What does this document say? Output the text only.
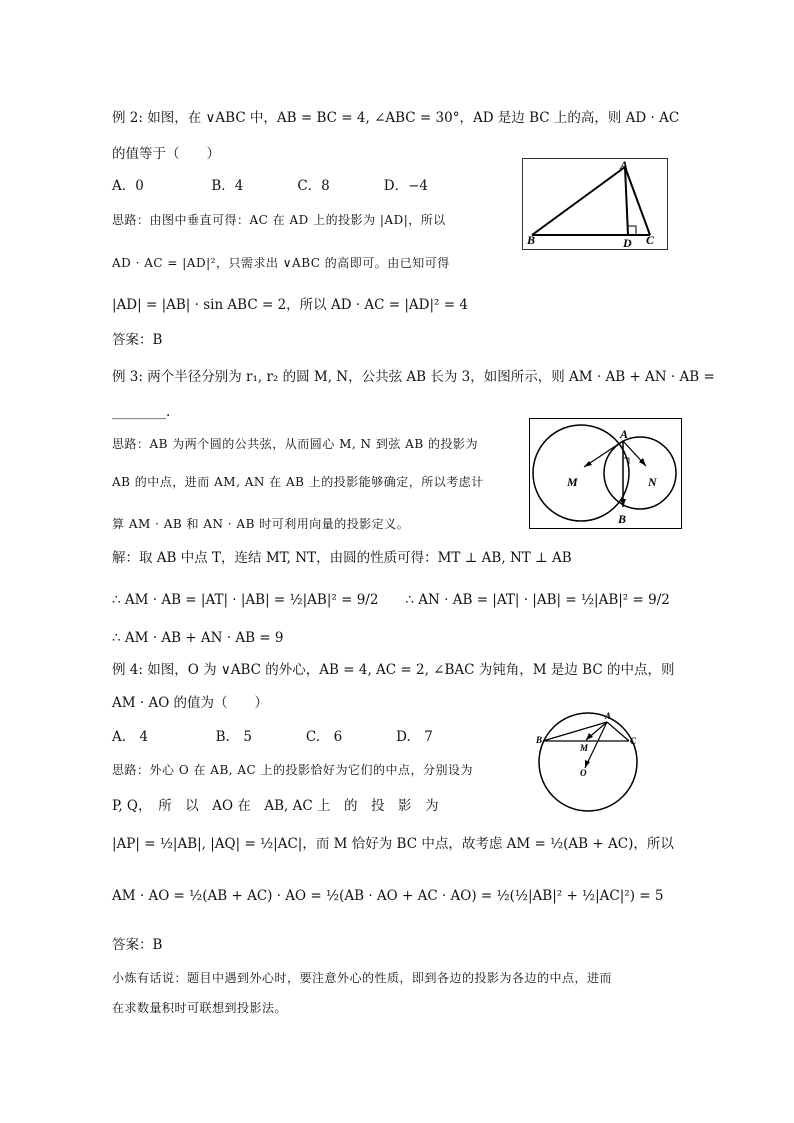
例 2: 如图，在 ∨ABC 中，AB = BC = 4, ∠ABC = 30°，AD 是边 BC 上的高，则 AD · AC
的值等于（　　）
A．0　　　　　B．4　　　　C．8　　　　D．−4
思路：由图中垂直可得：AC 在 AD 上的投影为 |AD|，所以
AD · AC = |AD|²，只需求出 ∨ABC 的高即可。由已知可得
|AD| = |AB| · sin ABC = 2，所以 AD · AC = |AD|² = 4
答案：B
A
B	D C
例 3: 两个半径分别为 r₁, r₂ 的圆 M, N，公共弦 AB 长为 3，如图所示，则 AM · AB + AN · AB =
________.
思路：AB 为两个圆的公共弦，从而圆心 M, N 到弦 AB 的投影为
AB 的中点，进而 AM, AN 在 AB 上的投影能够确定，所以考虑计
算 AM · AB 和 AN · AB 时可利用向量的投影定义。
解：取 AB 中点 T，连结 MT, NT，由圆的性质可得：MT ⊥ AB, NT ⊥ AB
∴ AM · AB = |AT| · |AB| = ½|AB|² = 9/2　　∴ AN · AB = |AT| · |AB| = ½|AB|² = 9/2
∴ AM · AB + AN · AB = 9
A
M	N
B
例 4: 如图，O 为 ∨ABC 的外心，AB = 4, AC = 2, ∠BAC 为钝角，M 是边 BC 的中点，则
AM · AO 的值为（　　）
A.　4　　　　　B.　5　　　　C.　6　　　　D.　7
思路：外心 O 在 AB, AC 上的投影恰好为它们的中点，分别设为
P, Q，　所　以　AO 在　AB, AC 上　的　投　影　为
|AP| = ½|AB|, |AQ| = ½|AC|，而 M 恰好为 BC 中点，故考虑 AM = ½(AB + AC)，所以
AM · AO = ½(AB + AC) · AO = ½(AB · AO + AC · AO) = ½(½|AB|² + ½|AC|²) = 5
答案：B
A
B	C
M
O
小炼有话说：题目中遇到外心时，要注意外心的性质，即到各边的投影为各边的中点，进而
在求数量积时可联想到投影法。
